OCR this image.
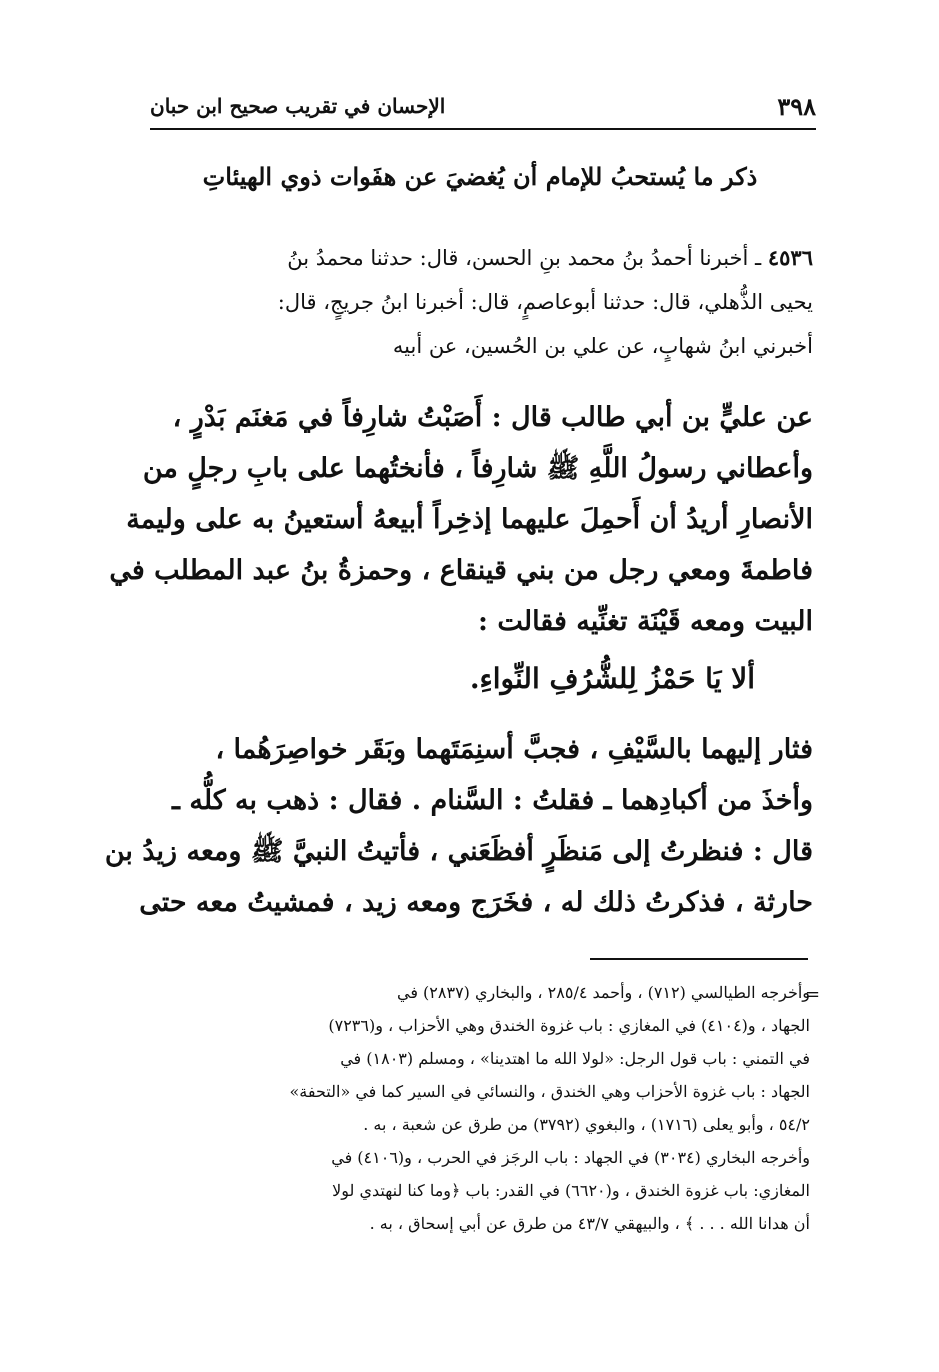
٣٩٨
الإحسان في تقريب صحيح ابن حبان
ذكر ما يُستحبُ للإمام أن يُغضيَ عن هفَوات ذوي الهيئاتِ
٤٥٣٦ ـ أخبرنا أحمدُ بنُ محمد بنِ الحسن، قال: حدثنا محمدُ بنُ
يحيى الذُّهلي، قال: حدثنا أبوعاصمٍ، قال: أخبرنا ابنُ جريجٍ، قال:
أخبرني ابنُ شهابٍ، عن علي بن الحُسين، عن أبيه
عن عليٍّ بن أبي طالب قال : أَصَبْتُ شارِفاً في مَغنَم بَدْرٍ ،
وأعطاني رسولُ اللَّهِ ﷺ شارِفاً ، فأنختُهما على بابِ رجلٍ من
الأنصارِ أريدُ أن أَحمِلَ عليهما إذخِراً أبيعهُ أستعينُ به على وليمة
فاطمةَ ومعي رجل من بني قينقاع ، وحمزةُ بنُ عبد المطلب في
البيت ومعه قَيْنَة تغنِّيه فقالت :
ألا يَا حَمْزُ لِلشُّرُفِ النِّواءِ.
فثار إليهما بالسَّيْفِ ، فجبَّ أسنِمَتَهما وبَقَر خواصِرَهُما ،
وأخذَ من أكبادِهما ـ فقلتُ : السَّنام . فقال : ذهب به كلُّه ـ
قال : فنظرتُ إلى مَنظَرٍ أفظَعَني ، فأتيتُ النبيَّ ﷺ ومعه زيدُ بن
حارثة ، فذكرتُ ذلك له ، فخَرَج ومعه زيد ، فمشيتُ معه حتى
=
وأخرجه الطيالسي (٧١٢) ، وأحمد ٢٨٥/٤ ، والبخاري (٢٨٣٧) في
الجهاد ، و(٤١٠٤) في المغازي : باب غزوة الخندق وهي الأحزاب ، و(٧٢٣٦)
في التمني : باب قول الرجل: «لولا الله ما اهتدينا» ، ومسلم (١٨٠٣) في
الجهاد : باب غزوة الأحزاب وهي الخندق ، والنسائي في السير كما في «التحفة»
٥٤/٢ ، وأبو يعلى (١٧١٦) ، والبغوي (٣٧٩٢) من طرق عن شعبة ، به .
وأخرجه البخاري (٣٠٣٤) في الجهاد : باب الرجَز في الحرب ، و(٤١٠٦) في
المغازي: باب غزوة الخندق ، و(٦٦٢٠) في القدر: باب ﴿وما كنا لنهتدي لولا
أن هدانا الله . . . ﴾ ، والبيهقي ٤٣/٧ من طرق عن أبي إسحاق ، به .
